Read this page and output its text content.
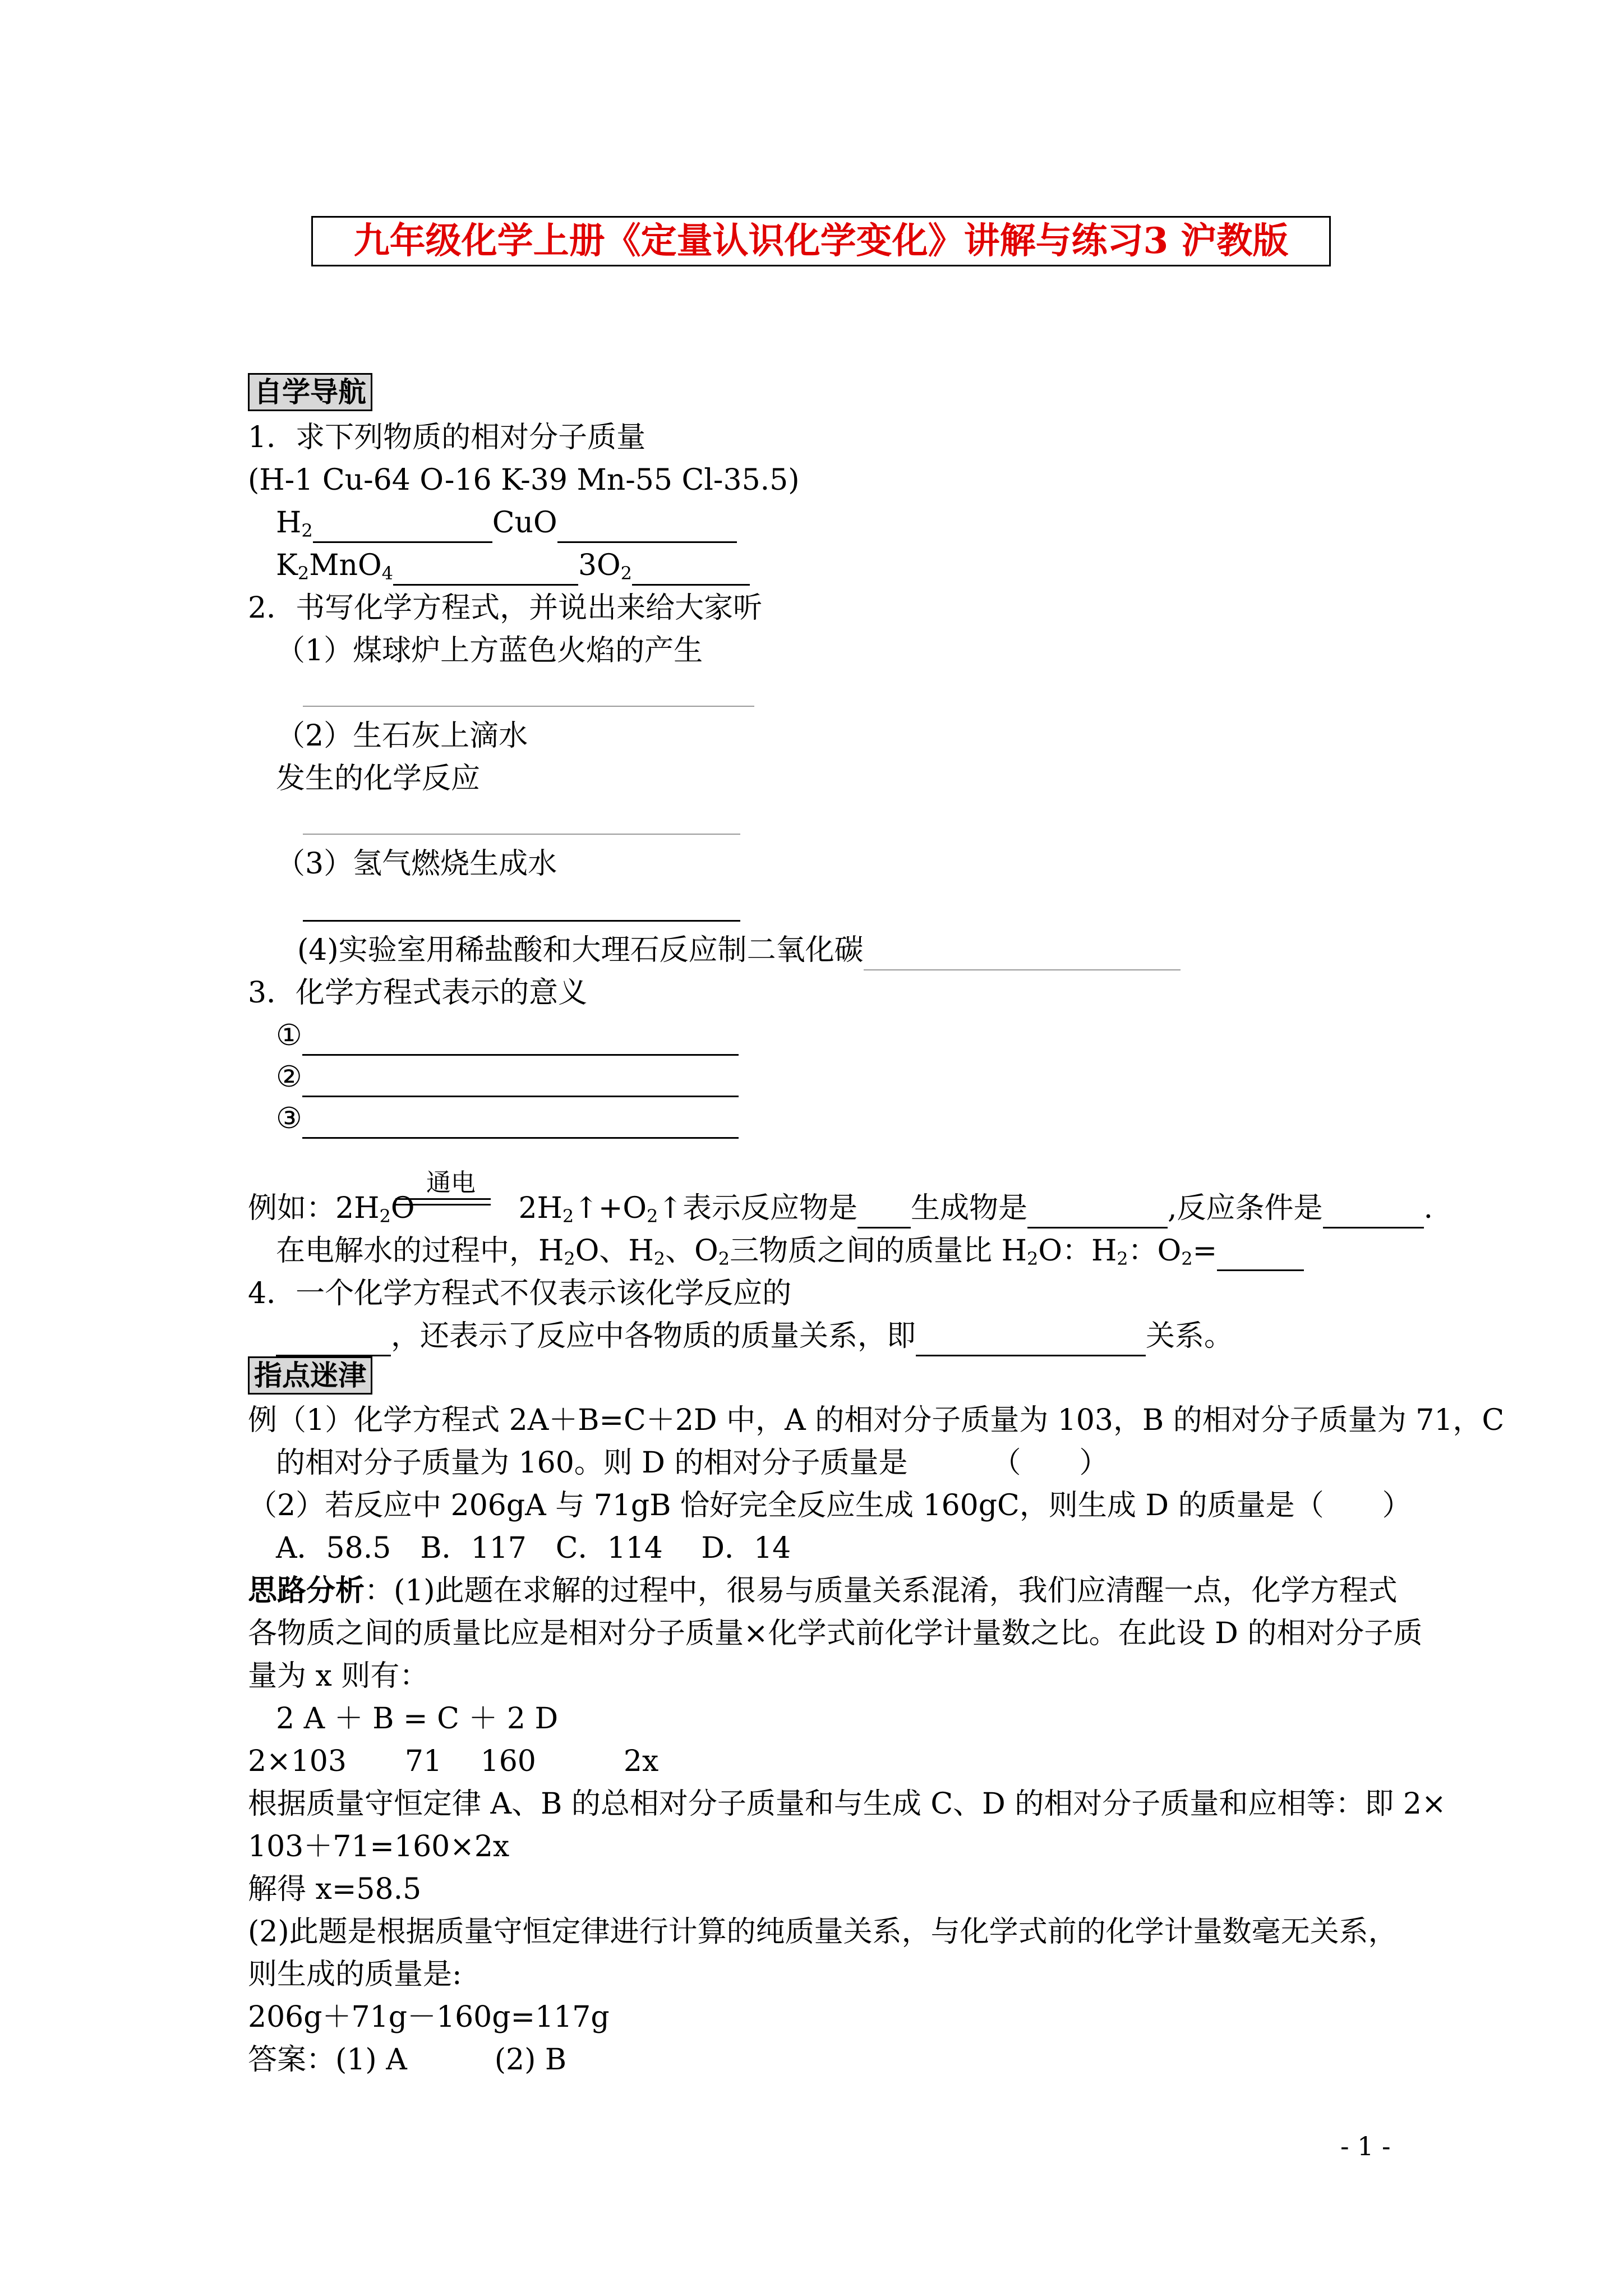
九年级化学上册《定量认识化学变化》讲解与练习3 沪教版
自学导航
1．求下列物质的相对分子质量
(H-1 Cu-64 O-16 K-39 Mn-55 Cl-35.5)
$H_2$	CuO
$K_2MnO_4$	$3O_2$
2．书写化学方程式，并说出来给大家听
（1）煤球炉上方蓝色火焰的产生
（2）生石灰上滴水
发生的化学反应
（3）氢气燃烧生成水
(4)实验室用稀盐酸和大理石反应制二氧化碳
3．化学方程式表示的意义
①
②
③
通电
例如：$2H_2O$	$2H_2↑+O_2↑$表示反应物是 生成物是	,反应条件是	.
在电解水的过程中，$H_2O$、$H_2$、$O_2$三物质之间的质量比 $H_2O$：$H_2$：$O_2=$
4．一个化学方程式不仅表示该化学反应的
，还表示了反应中各物质的质量关系，即	关系。
指点迷津
例（1）化学方程式 2A＋B=C＋2D 中，A 的相对分子质量为 103，B 的相对分子质量为 71，C
的相对分子质量为 160。则 D 的相对分子质量是	（　　）
（2）若反应中 206gA 与 71gB 恰好完全反应生成 160gC，则生成 D 的质量是（　　）
A．58.5　B．117　C．114　 D．14
思路分析：(1)此题在求解的过程中，很易与质量关系混淆，我们应清醒一点，化学方程式
各物质之间的质量比应是相对分子质量×化学式前化学计量数之比。在此设 D 的相对分子质
量为 x 则有：
2 A ＋ B = C ＋ 2 D
2×103　　71　 160　　　2x
根据质量守恒定律 A、B 的总相对分子质量和与生成 C、D 的相对分子质量和应相等：即 2×
103＋71=160×2x
解得 x=58.5
(2)此题是根据质量守恒定律进行计算的纯质量关系，与化学式前的化学计量数毫无关系，
则生成的质量是:
206g＋71g－160g=117g
答案：(1) A　　　(2) B
- 1 -
